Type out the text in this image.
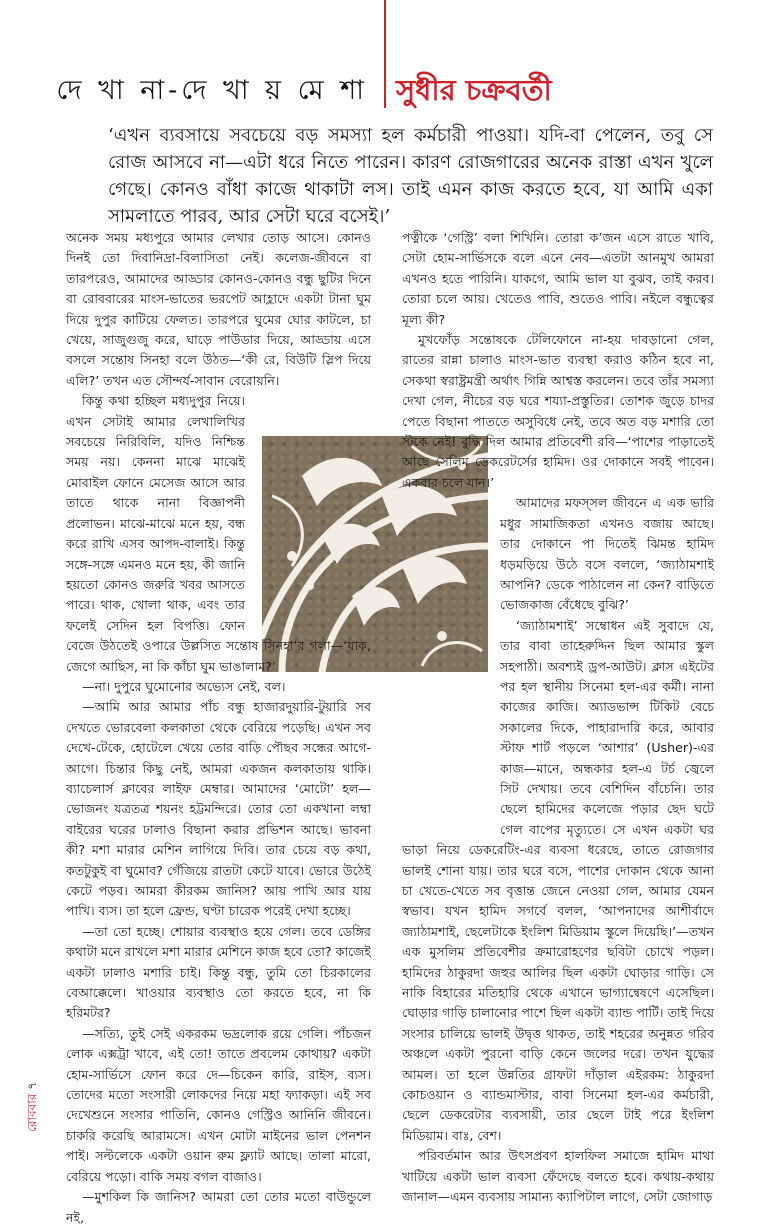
দে খা না-দে খা য় মে শা সুধীর চক্রবর্তী
‘এখন ব্যবসায়ে সবচেয়ে বড় সমস্যা হল কর্মচারী পাওয়া। যদি-বা পেলেন, তবু সে রোজ আসবে না—এটা ধরে নিতে পারেন। কারণ রোজগারের অনেক রাস্তা এখন খুলে গেছে। কোনও বাঁধা কাজে থাকাটা লস। তাই এমন কাজ করতে হবে, যা আমি একা সামলাতে পারব, আর সেটা ঘরে বসেই।’

অনেক সময় মধ্যপুরে আমার লেখার তোড় আসে। কোনও দিনই তো দিবানিদ্রা-বিলাসিতা নেই। কলেজ-জীবনে বা তারপরেও, আমাদের আড্ডার কোনও-কোনও বন্ধু ছুটির দিনে বা রোববারের মাংস-ভাতের ভরপেট আহ্লাদে একটা টানা ঘুম দিয়ে দুপুর কাটিয়ে ফেলত। তারপরে ঘুমের ঘোর কাটলে, চা খেয়ে, সাজুগুজু করে, ঘাড়ে পাউডার দিয়ে, আড্ডায় এসে বসলে সন্তোষ সিনহা বলে উঠত—‘কী রে, বিউটি স্লিপ দিয়ে এলি?’ তখন এত সৌন্দর্য-সাবান বেরোয়নি।

কিন্তু কথা হচ্ছিল মধ্যদুপুর নিয়ে। এখন সেটাই আমার লেখালিখির সবচেয়ে নিরিবিলি, যদিও নিশ্চিন্ত সময় নয়। কেননা মাঝে মাঝেই মোবাইল ফোনে মেসেজ আসে আর তাতে থাকে নানা বিজ্ঞাপনী প্রলোভন। মাঝে-মাঝে মনে হয়, বন্ধ করে রাখি এসব আপদ-বালাই। কিন্তু সঙ্গে-সঙ্গে এমনও মনে হয়, কী জানি হয়তো কোনও জরুরি খবর আসতে পারে। থাক, খোলা থাক, এবং তার ফলেই সেদিন হল বিপত্তি। ফোন বেজে উঠতেই ওপারে উল্লসিত সন্তোষ সিনহা’র গলা—‘যাক, জেগে আছিস, না কি কাঁচা ঘুম ভাঙালাম?’

—না। দুপুরে ঘুমোনোর অভ্যেস নেই, বল।

—আমি আর আমার পাঁচ বন্ধু হাজারদুয়ারি-টুয়ারি সব দেখতে ভোরবেলা কলকাতা থেকে বেরিয়ে পড়েছি। এখন সব দেখে-টেকে, হোটেলে খেয়ে তোর বাড়ি পৌছব সন্ধের আগে-আগে। চিন্তার কিছু নেই, আমরা একজন কলকাতায় থাকি। ব্যাচেলার্স ক্লাবের লাইফ মেম্বার। আমাদের ‘মোটো’ হল—ভোজনং যত্রতত্র শয়নং হট্টমন্দিরে। তোর তো একখানা লম্বা বাইরের ঘরের ঢালাও বিছানা করার প্রভিশন আছে। ভাবনা কী? মশা মারার মেশিন লাগিয়ে দিবি। তার চেয়ে বড় কথা, কতটুকুই বা ঘুমোব? গেঁজিয়ে রাতটা কেটে যাবে। ভোরে উঠেই কেটে পড়ব। আমরা কীরকম জানিস? আয় পাখি আর যায় পাখি। ব্যস। তা হলে ফ্রেন্ড, ঘণ্টা চারেক পরেই দেখা হচ্ছে।

—তা তো হচ্ছে। শোয়ার ব্যবস্থাও হয়ে গেল। তবে ডেঙ্গির কথাটা মনে রাখলে মশা মারার মেশিনে কাজ হবে তো? কাজেই একটা ঢালাও মশারি চাই। কিন্তু বন্ধু, তুমি তো চিরকালের বেআক্কেলে। খাওয়ার ব্যবস্থাও তো করতে হবে, না কি হরিমটর?

—সত্যি, তুই সেই একরকম ভদ্রলোক রয়ে গেলি। পাঁচজন লোক এক্সট্রা খাবে, এই তো! তাতে প্রবলেম কোথায়? একটা হোম-সার্ভিসে ফোন করে দে—চিকেন কারি, রাইস, ব্যস। তোদের মতো সংসারী লোকদের নিয়ে মহা ফ্যাকড়া। এই সব দেখেশুনে সংসার পাতিনি, কোনও গেস্ট্রিও আনিনি জীবনে। চাকরি করেছি আরামসে। এখন মোটা মাইনের ভাল পেনশন পাই। সল্টলেকে একটা ওয়ান রুম ফ্ল্যাট আছে। তালা মারো, বেরিয়ে পড়ো। বাকি সময় বগল বাজাও।

—মুশকিল কি জানিস? আমরা তো তোর মতো বাউন্ডুলে নই,

পত্নীকে ‘গেস্ট্রি’ বলা শিখিনি। তোরা ক’জন এসে রাতে খাবি, সেটা হোম-সার্ভিসকে বলে এনে নেব—এতটা আনমুখ আমরা এখনও হতে পারিনি। যাকগে, আমি ভাল যা বুঝব, তাই করব। তোরা চলে আয়। খেতেও পাবি, শুতেও পাবি। নইলে বন্ধুত্বের মূল্য কী?

মুখফোঁড় সন্তোষকে টেলিফোনে না-হয় দাবড়ানো গেল, রাতের রান্না চালাও মাংস-ভাত ব্যবস্থা করাও কঠিন হবে না, সেকথা স্বরাষ্ট্রমন্ত্রী অর্থাৎ গিন্নি আশ্বস্ত করলেন। তবে তাঁর সমস্যা দেখা গেল, নীচের বড় ঘরে শয্যা-প্রস্তুতির। তোশক জুড়ে চাদর পেতে বিছানা পাততে অসুবিধে নেই, তবে অত বড় মশারি তো স্টকে নেই! বুদ্ধি দিল আমার প্রতিবেশী রবি—‘পাশের পাড়াতেই আছে সেলিম ডেকরেটর্সের হামিদ। ওর দোকানে সবই পাবেন। একবার চলে যান।’

আমাদের মফস্‌সল জীবনে এ এক ভারি মধুর সামাজিকতা এখনও বজায় আছে। তার দোকানে পা দিতেই ঝিমন্ত হামিদ ধড়মড়িয়ে উঠে বসে বললে, ‘জ্যাঠামশাই আপনি? ডেকে পাঠালেন না কেন? বাড়িতে ভোজকাজ বেঁধেছে বুঝি?’

‘জ্যাঠামশাই’ সম্বোধন এই সুবাদে যে, তার বাবা তাহেরুদ্দিন ছিল আমার স্কুল সহপাঠী। অবশ্যই ড্রপ-আউট। ক্লাস এইটের পর হল স্থানীয় সিনেমা হল-এর কর্মী। নানা কাজের কাজি। অ্যাডভান্স টিকিট বেচে সকালের দিকে, পাহারাদারি করে, আবার স্টাফ শার্ট পড়লে ‘আশার’ (Usher)-এর কাজ—মানে, অন্ধকার হল-এ টর্চ জ্বেলে সিট দেখায়। তবে বেশিদিন বাঁচেনি। তার ছেলে হামিদের কলেজে পড়ার ছেদ ঘটে গেল বাপের মৃত্যুতে। সে এখন একটা ঘর ভাড়া নিয়ে ডেকরেটিং-এর ব্যবসা ধরেছে, তাতে রোজগার ভালই শোনা যায়। তার ঘরে বসে, পাশের দোকান থেকে আনা চা খেতে-খেতে সব বৃত্তান্ত জেনে নেওয়া গেল, আমার যেমন স্বভাব। যখন হামিদ সগর্বে বলল, ‘আপনাদের আশীর্বাদে জ্যাঠামশাই, ছেলেটাকে ইংলিশ মিডিয়াম স্কুলে দিয়েছি।’—তখন এক মুসলিম প্রতিবেশীর ক্রমারোহণের ছবিটা চোখে পড়ল। হামিদের ঠাকুরদা জহুর আলির ছিল একটা ঘোড়ার গাড়ি। সে নাকি বিহারের মতিহারি থেকে এখানে ভাগ্যান্বেষণে এসেছিল। ঘোড়ার গাড়ি চালানোর পাশে ছিল একটা ব্যান্ড পার্টি। তাই দিয়ে সংসার চালিয়ে ভালই উদ্বৃত্ত থাকত, তাই শহরের অনুন্নত গরিব অঞ্চলে একটা পুরনো বাড়ি কেনে জলের দরে। তখন যুদ্ধের আমল। তা হলে উন্নতির গ্রাফটা দাঁড়াল এইরকম: ঠাকুরদা কোচওয়ান ও ব্যান্ডমাস্টার, বাবা সিনেমা হল-এর কর্মচারী, ছেলে ডেকরেটার ব্যবসায়ী, তার ছেলে টাই পরে ইংলিশ মিডিয়াম। বাঃ, বেশ।

পরিবর্তমান আর উৎসপ্রবণ হালফিল সমাজে হামিদ মাথা খাটিয়ে একটা ভাল ব্যবসা ফেঁদেছে বলতে হবে। কথায়-কথায় জানাল—এমন ব্যবসায় সামান্য ক্যাপিটাল লাগে, সেটা জোগাড়

রোববার ৭
